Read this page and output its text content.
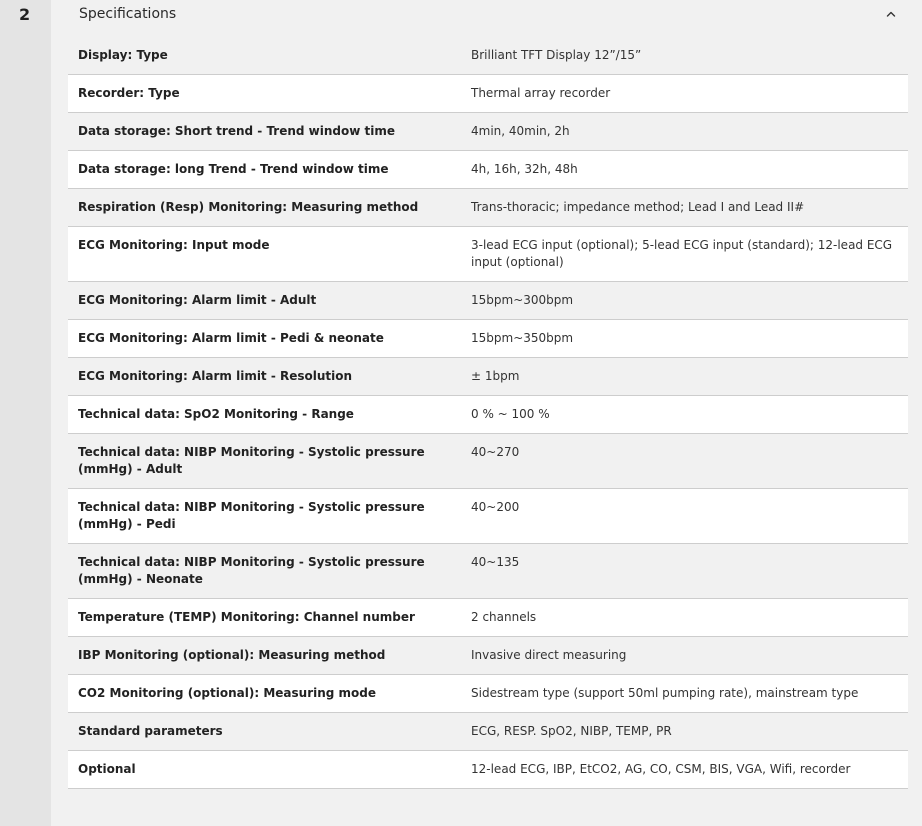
2	Specifications
Display: Type	Brilliant TFT Display 12”/15”
Recorder: Type	Thermal array recorder
Data storage: Short trend - Trend window time	4min, 40min, 2h
Data storage: long Trend - Trend window time	4h, 16h, 32h, 48h
Respiration (Resp) Monitoring: Measuring method	Trans-thoracic; impedance method; Lead I and Lead II#
ECG Monitoring: Input mode	3-lead ECG input (optional); 5-lead ECG input (standard); 12-lead ECG input (optional)
ECG Monitoring: Alarm limit - Adult	15bpm~300bpm
ECG Monitoring: Alarm limit - Pedi & neonate	15bpm~350bpm
ECG Monitoring: Alarm limit - Resolution	± 1bpm
Technical data: SpO2 Monitoring - Range	0 % ~ 100 %
Technical data: NIBP Monitoring - Systolic pressure (mmHg) - Adult	40~270
Technical data: NIBP Monitoring - Systolic pressure (mmHg) - Pedi	40~200
Technical data: NIBP Monitoring - Systolic pressure (mmHg) - Neonate	40~135
Temperature (TEMP) Monitoring: Channel number	2 channels
IBP Monitoring (optional): Measuring method	Invasive direct measuring
CO2 Monitoring (optional): Measuring mode	Sidestream type (support 50ml pumping rate), mainstream type
Standard parameters	ECG, RESP. SpO2, NIBP, TEMP, PR
Optional	12-lead ECG, IBP, EtCO2, AG, CO, CSM, BIS, VGA, Wifi, recorder
